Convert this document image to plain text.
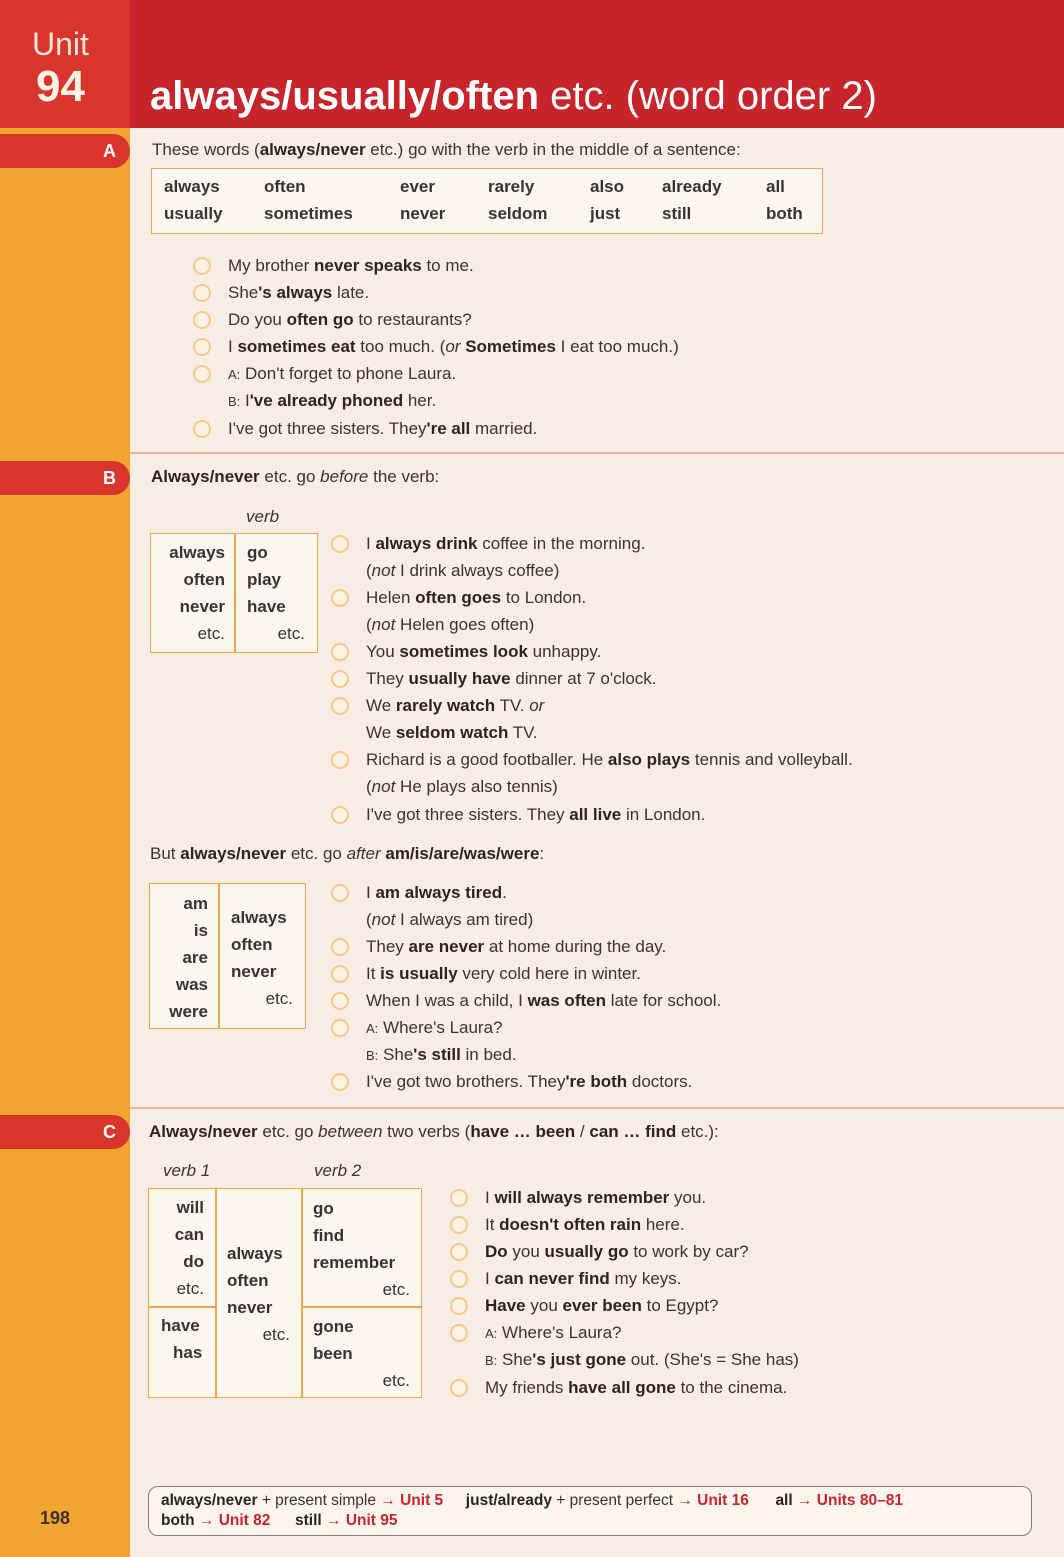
Unit
94 always/usually/often etc. (word order 2)
A These words (always/never etc.) go with the verb in the middle of a sentence:
always	often	ever	rarely	also already	all
usually sometimes	never	seldom just still	both
My brother never speaks to me.
She's always late.
Do you often go to restaurants?
I sometimes eat too much. (or Sometimes I eat too much.)
A: Don't forget to phone Laura.
B: I've already phoned her.
I've got three sisters. They're all married.
B Always/never etc. go before the verb:
verb
always
often
never
etc.
go
play
have
etc.
I always drink coffee in the morning.
(not I drink always coffee)
Helen often goes to London.
(not Helen goes often)
You sometimes look unhappy.
They usually have dinner at 7 o'clock.
We rarely watch TV. or
We seldom watch TV.
Richard is a good footballer. He also plays tennis and volleyball.
(not He plays also tennis)
I've got three sisters. They all live in London.
But always/never etc. go after am/is/are/was/were:
am
is
are
was
were
always
often
never
etc.
I am always tired.
(not I always am tired)
They are never at home during the day.
It is usually very cold here in winter.
When I was a child, I was often late for school.
A: Where's Laura?
B: She's still in bed.
I've got two brothers. They're both doctors.
C Always/never etc. go between two verbs (have … been / can … find etc.):
verb 1	verb 2
will
can
do
etc.
have
has
always
often
never
etc.
go
find
remember
etc.
gone
been
etc.
I will always remember you.
It doesn't often rain here.
Do you usually go to work by car?
I can never find my keys.
Have you ever been to Egypt?
A: Where's Laura?
B: She's just gone out. (She's = She has)
My friends have all gone to the cinema.
always/never + present simple → Unit 5 just/already + present perfect → Unit 16 all → Units 80–81
both → Unit 82 still → Unit 95
198
